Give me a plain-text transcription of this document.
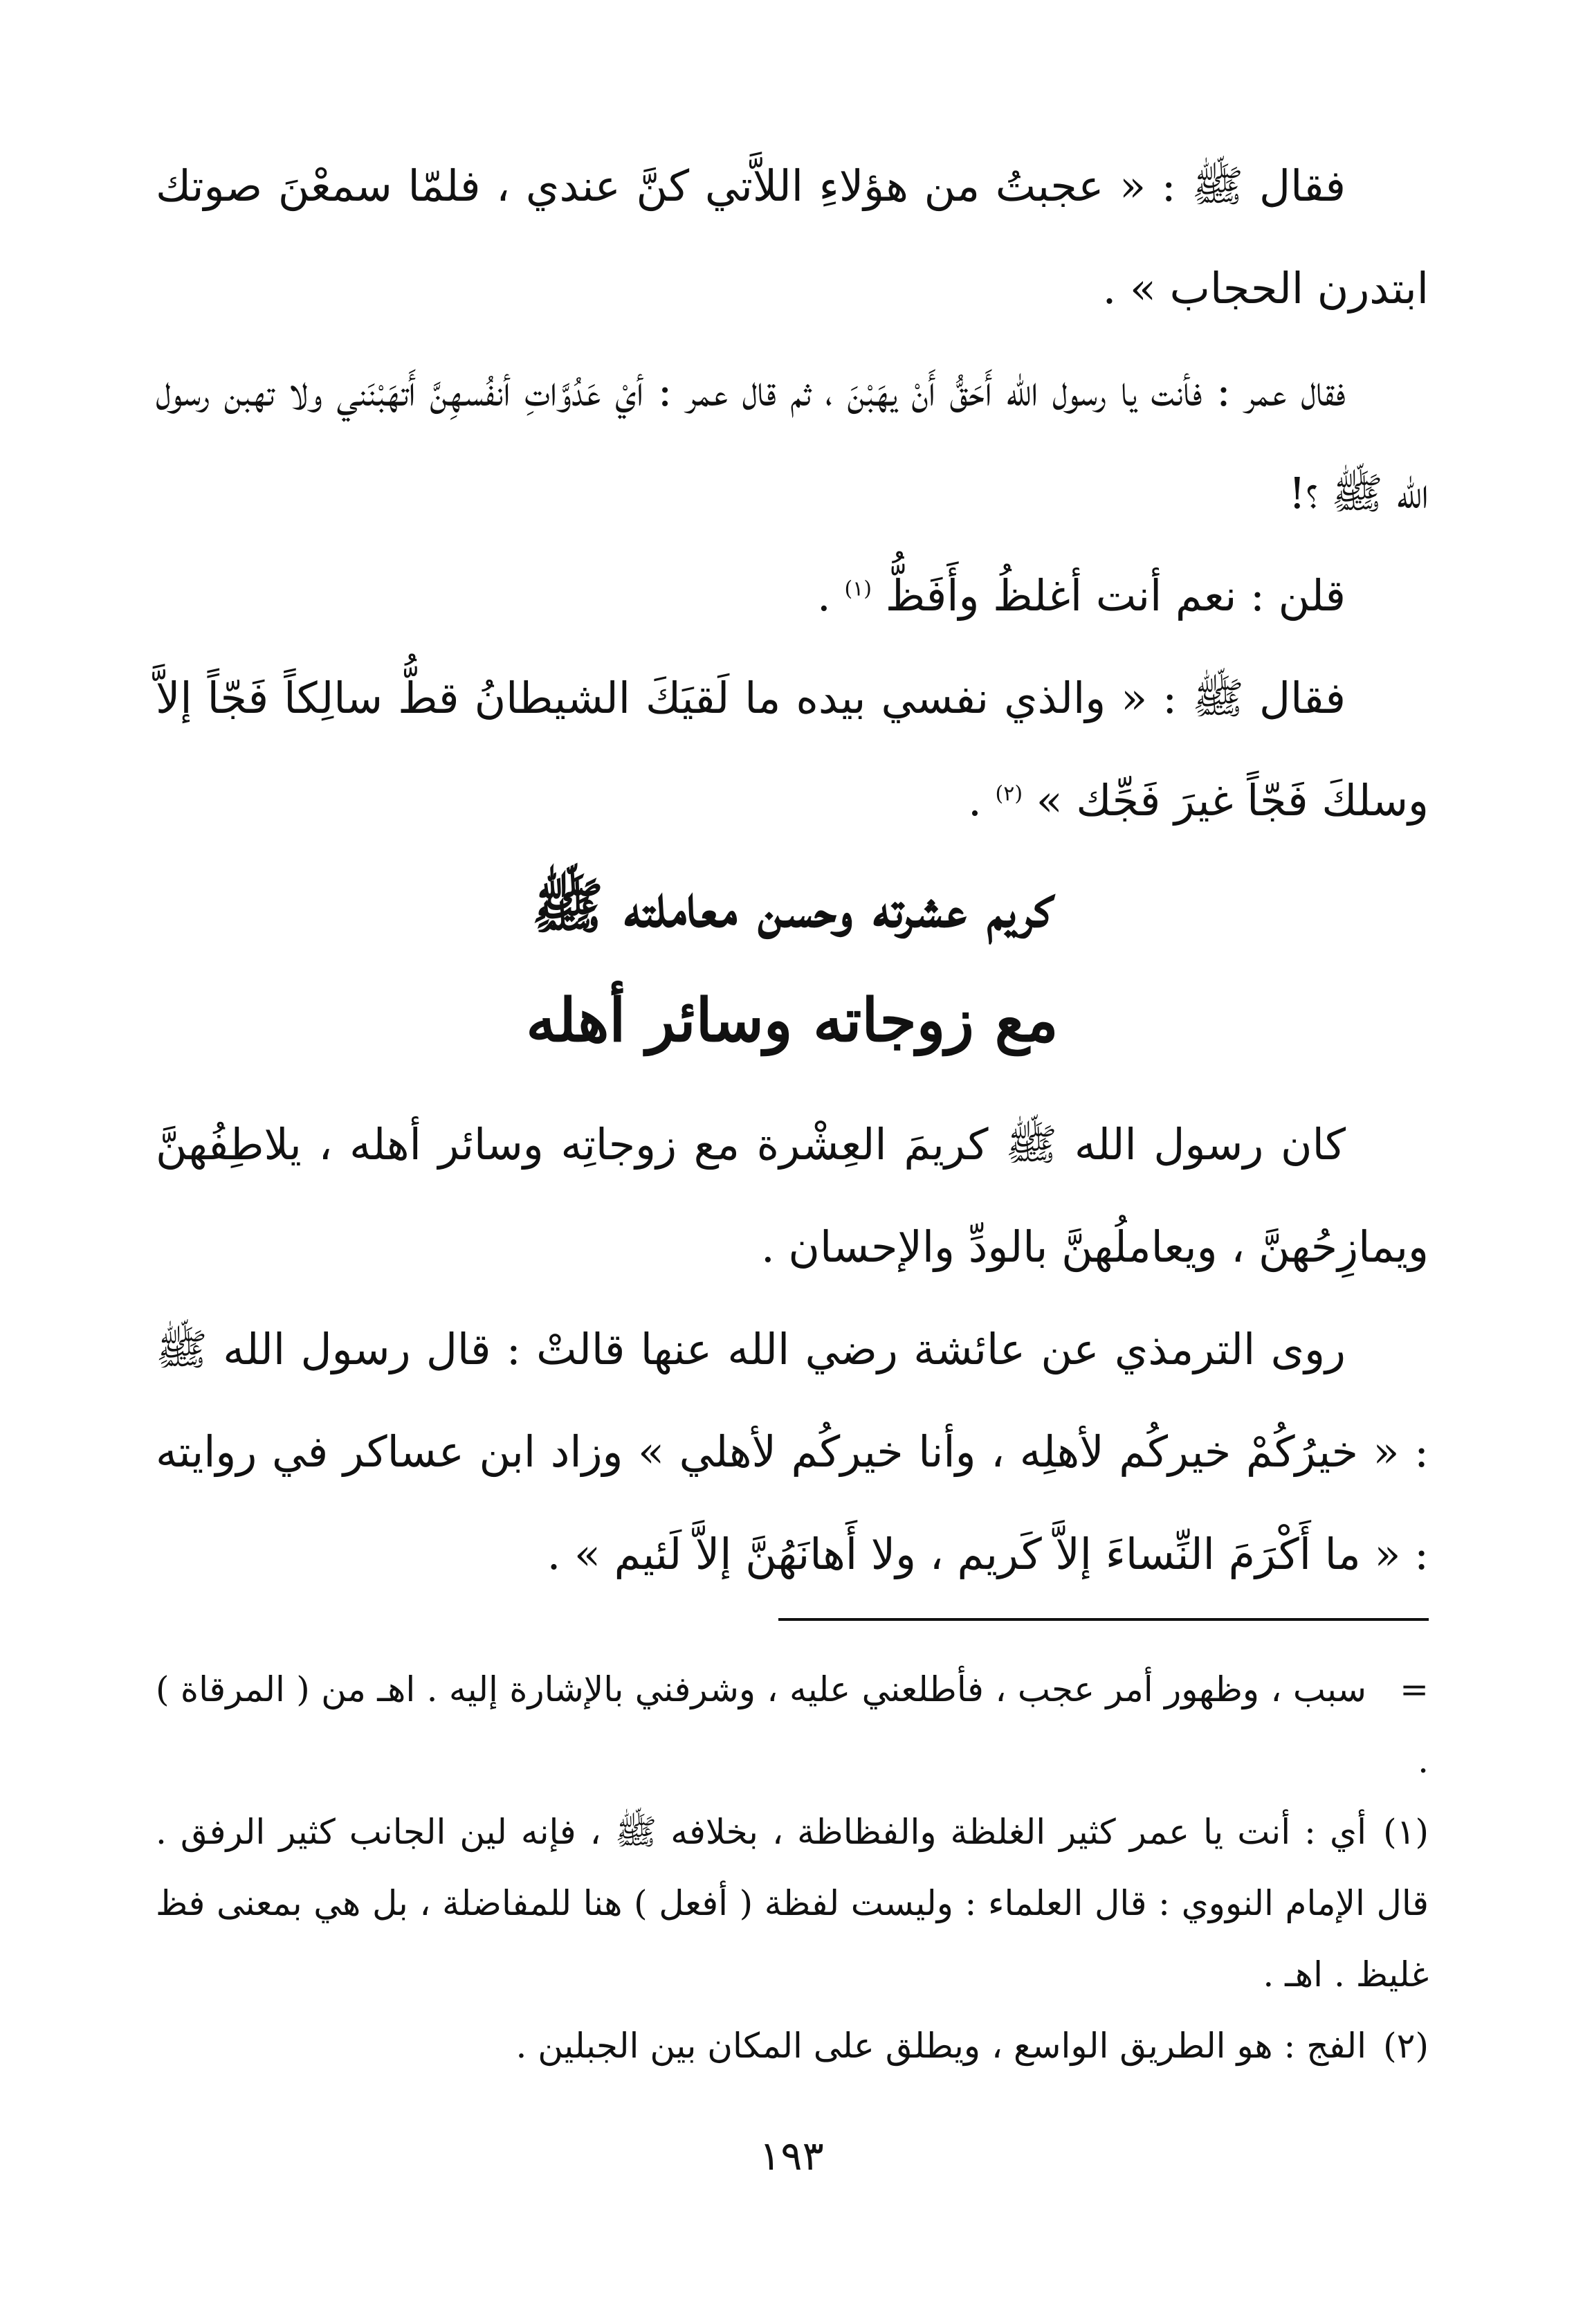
فقال ﷺ : « عجبتُ من هؤلاءِ اللاَّتي كنَّ عندي ، فلمّا سمعْنَ صوتك ابتدرن الحجاب » .

فقال عمر : فأنت يا رسول الله أَحَقُّ أَنْ يهَبْنَ ، ثم قال عمر : أيْ عَدُوَّاتِ أنفُسهِنَّ أَتهَبْنَني ولا تهبن رسول الله ﷺ ؟!

قلن : نعم أنت أغلظُ وأَفَظُّ $^{(١)}$ .

فقال ﷺ : « والذي نفسي بيده ما لَقيَكَ الشيطانُ قطُّ سالِكاً فَجّاً إلاَّ وسلكَ فَجّاً غيرَ فَجِّك » $^{(٢)}$ .

كريم عشرته وحسن معاملته ﷺ

مع زوجاته وسائر أهله

كان رسول الله ﷺ كريمَ العِشْرة مع زوجاتِه وسائر أهله ، يلاطِفُهنَّ ويمازِحُهنَّ ، ويعاملُهنَّ بالودِّ والإحسان .

روى الترمذي عن عائشة رضي الله عنها قالتْ : قال رسول الله ﷺ : « خيرُكُمْ خيركُم لأهلِه ، وأنا خيركُم لأهلي » وزاد ابن عساكر في روايته : « ما أَكْرَمَ النِّساءَ إلاَّ كَريم ، ولا أَهانَهُنَّ إلاَّ لَئيم » .

=سبب ، وظهور أمر عجب ، فأطلعني عليه ، وشرفني بالإشارة إليه . اهـ من ( المرقاة ) .

(١)أي : أنت يا عمر كثير الغلظة والفظاظة ، بخلافه ﷺ ، فإنه لين الجانب كثير الرفق . قال الإمام النووي : قال العلماء : وليست لفظة ( أفعل ) هنا للمفاضلة ، بل هي بمعنى فظ غليظ . اهـ .

(٢)الفج : هو الطريق الواسع ، ويطلق على المكان بين الجبلين .

١٩٣
